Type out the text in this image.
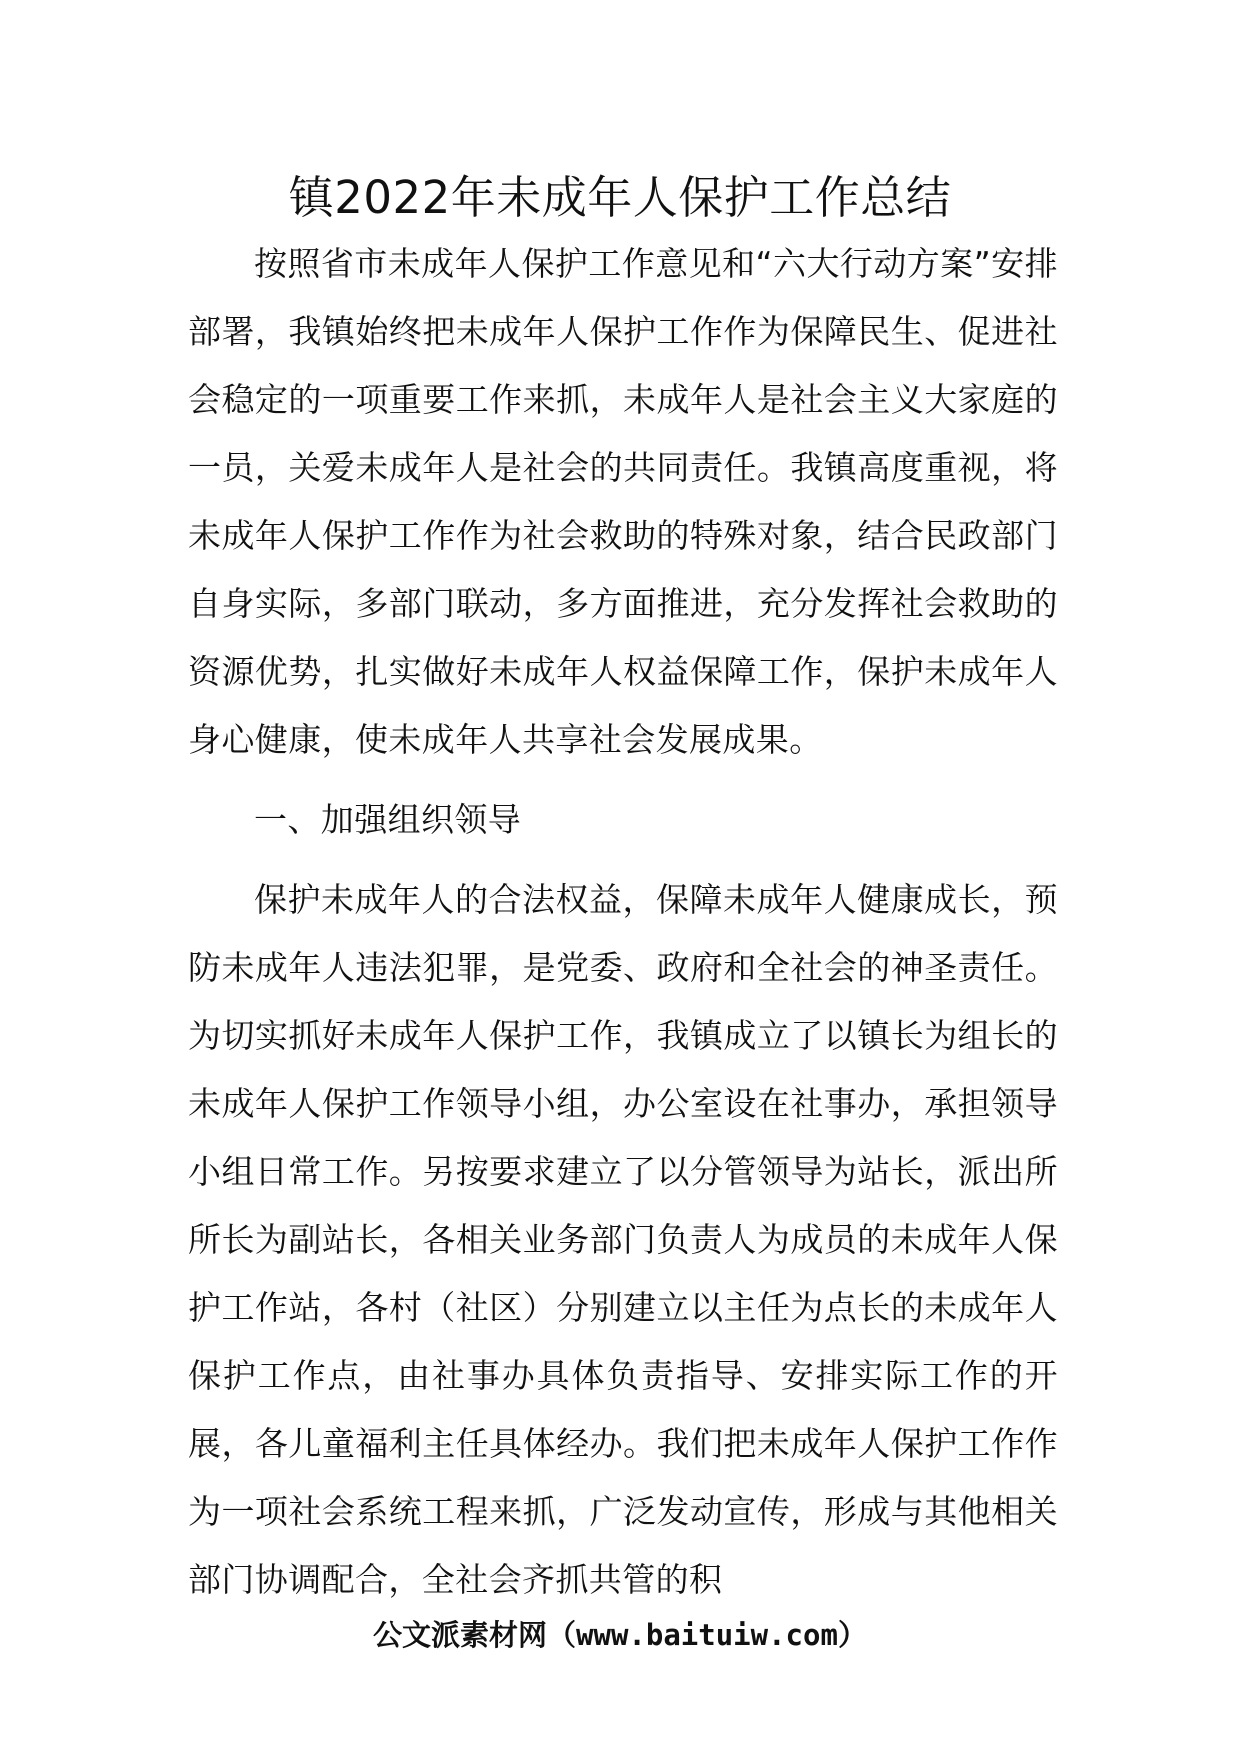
镇2022年未成年人保护工作总结

按照省市未成年人保护工作意见和“六大行动方案”安排部署，我镇始终把未成年人保护工作作为保障民生、促进社会稳定的一项重要工作来抓，未成年人是社会主义大家庭的一员，关爱未成年人是社会的共同责任。我镇高度重视，将未成年人保护工作作为社会救助的特殊对象，结合民政部门自身实际，多部门联动，多方面推进，充分发挥社会救助的资源优势，扎实做好未成年人权益保障工作，保护未成年人身心健康，使未成年人共享社会发展成果。

一、加强组织领导

保护未成年人的合法权益，保障未成年人健康成长，预防未成年人违法犯罪，是党委、政府和全社会的神圣责任。为切实抓好未成年人保护工作，我镇成立了以镇长为组长的未成年人保护工作领导小组，办公室设在社事办，承担领导小组日常工作。另按要求建立了以分管领导为站长，派出所所长为副站长，各相关业务部门负责人为成员的未成年人保护工作站，各村（社区）分别建立以主任为点长的未成年人保护工作点，由社事办具体负责指导、安排实际工作的开展，各儿童福利主任具体经办。我们把未成年人保护工作作为一项社会系统工程来抓，广泛发动宣传，形成与其他相关部门协调配合，全社会齐抓共管的积

公文派素材网（www.baituiw.com）
